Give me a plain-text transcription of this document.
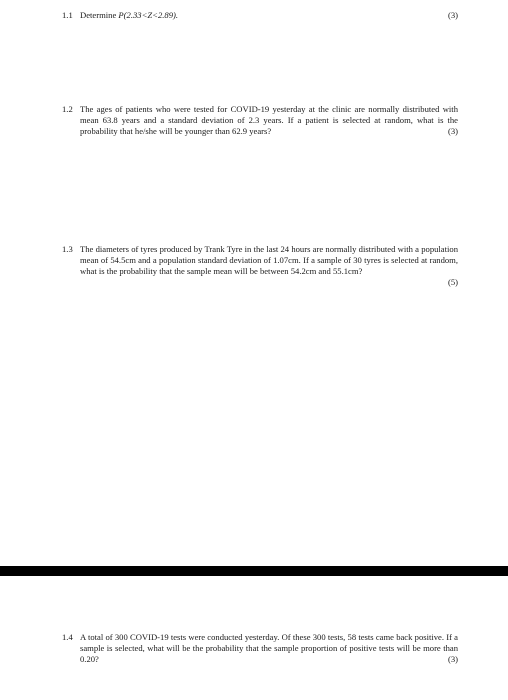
1.1 Determine P(2.33<Z<2.89).	(3)
1.2 The ages of patients who were tested for COVID-19 yesterday at the clinic are normally distributed with mean 63.8 years and a standard deviation of 2.3 years. If a patient is selected at random, what is the probability that he/she will be younger than 62.9 years?	(3)
1.3 The diameters of tyres produced by Trank Tyre in the last 24 hours are normally distributed with a population mean of 54.5cm and a population standard deviation of 1.07cm. If a sample of 30 tyres is selected at random, what is the probability that the sample mean will be between 54.2cm and 55.1cm?
(5)
1.4 A total of 300 COVID-19 tests were conducted yesterday. Of these 300 tests, 58 tests came back positive. If a sample is selected, what will be the probability that the sample proportion of positive tests will be more than 0.20?	(3)
